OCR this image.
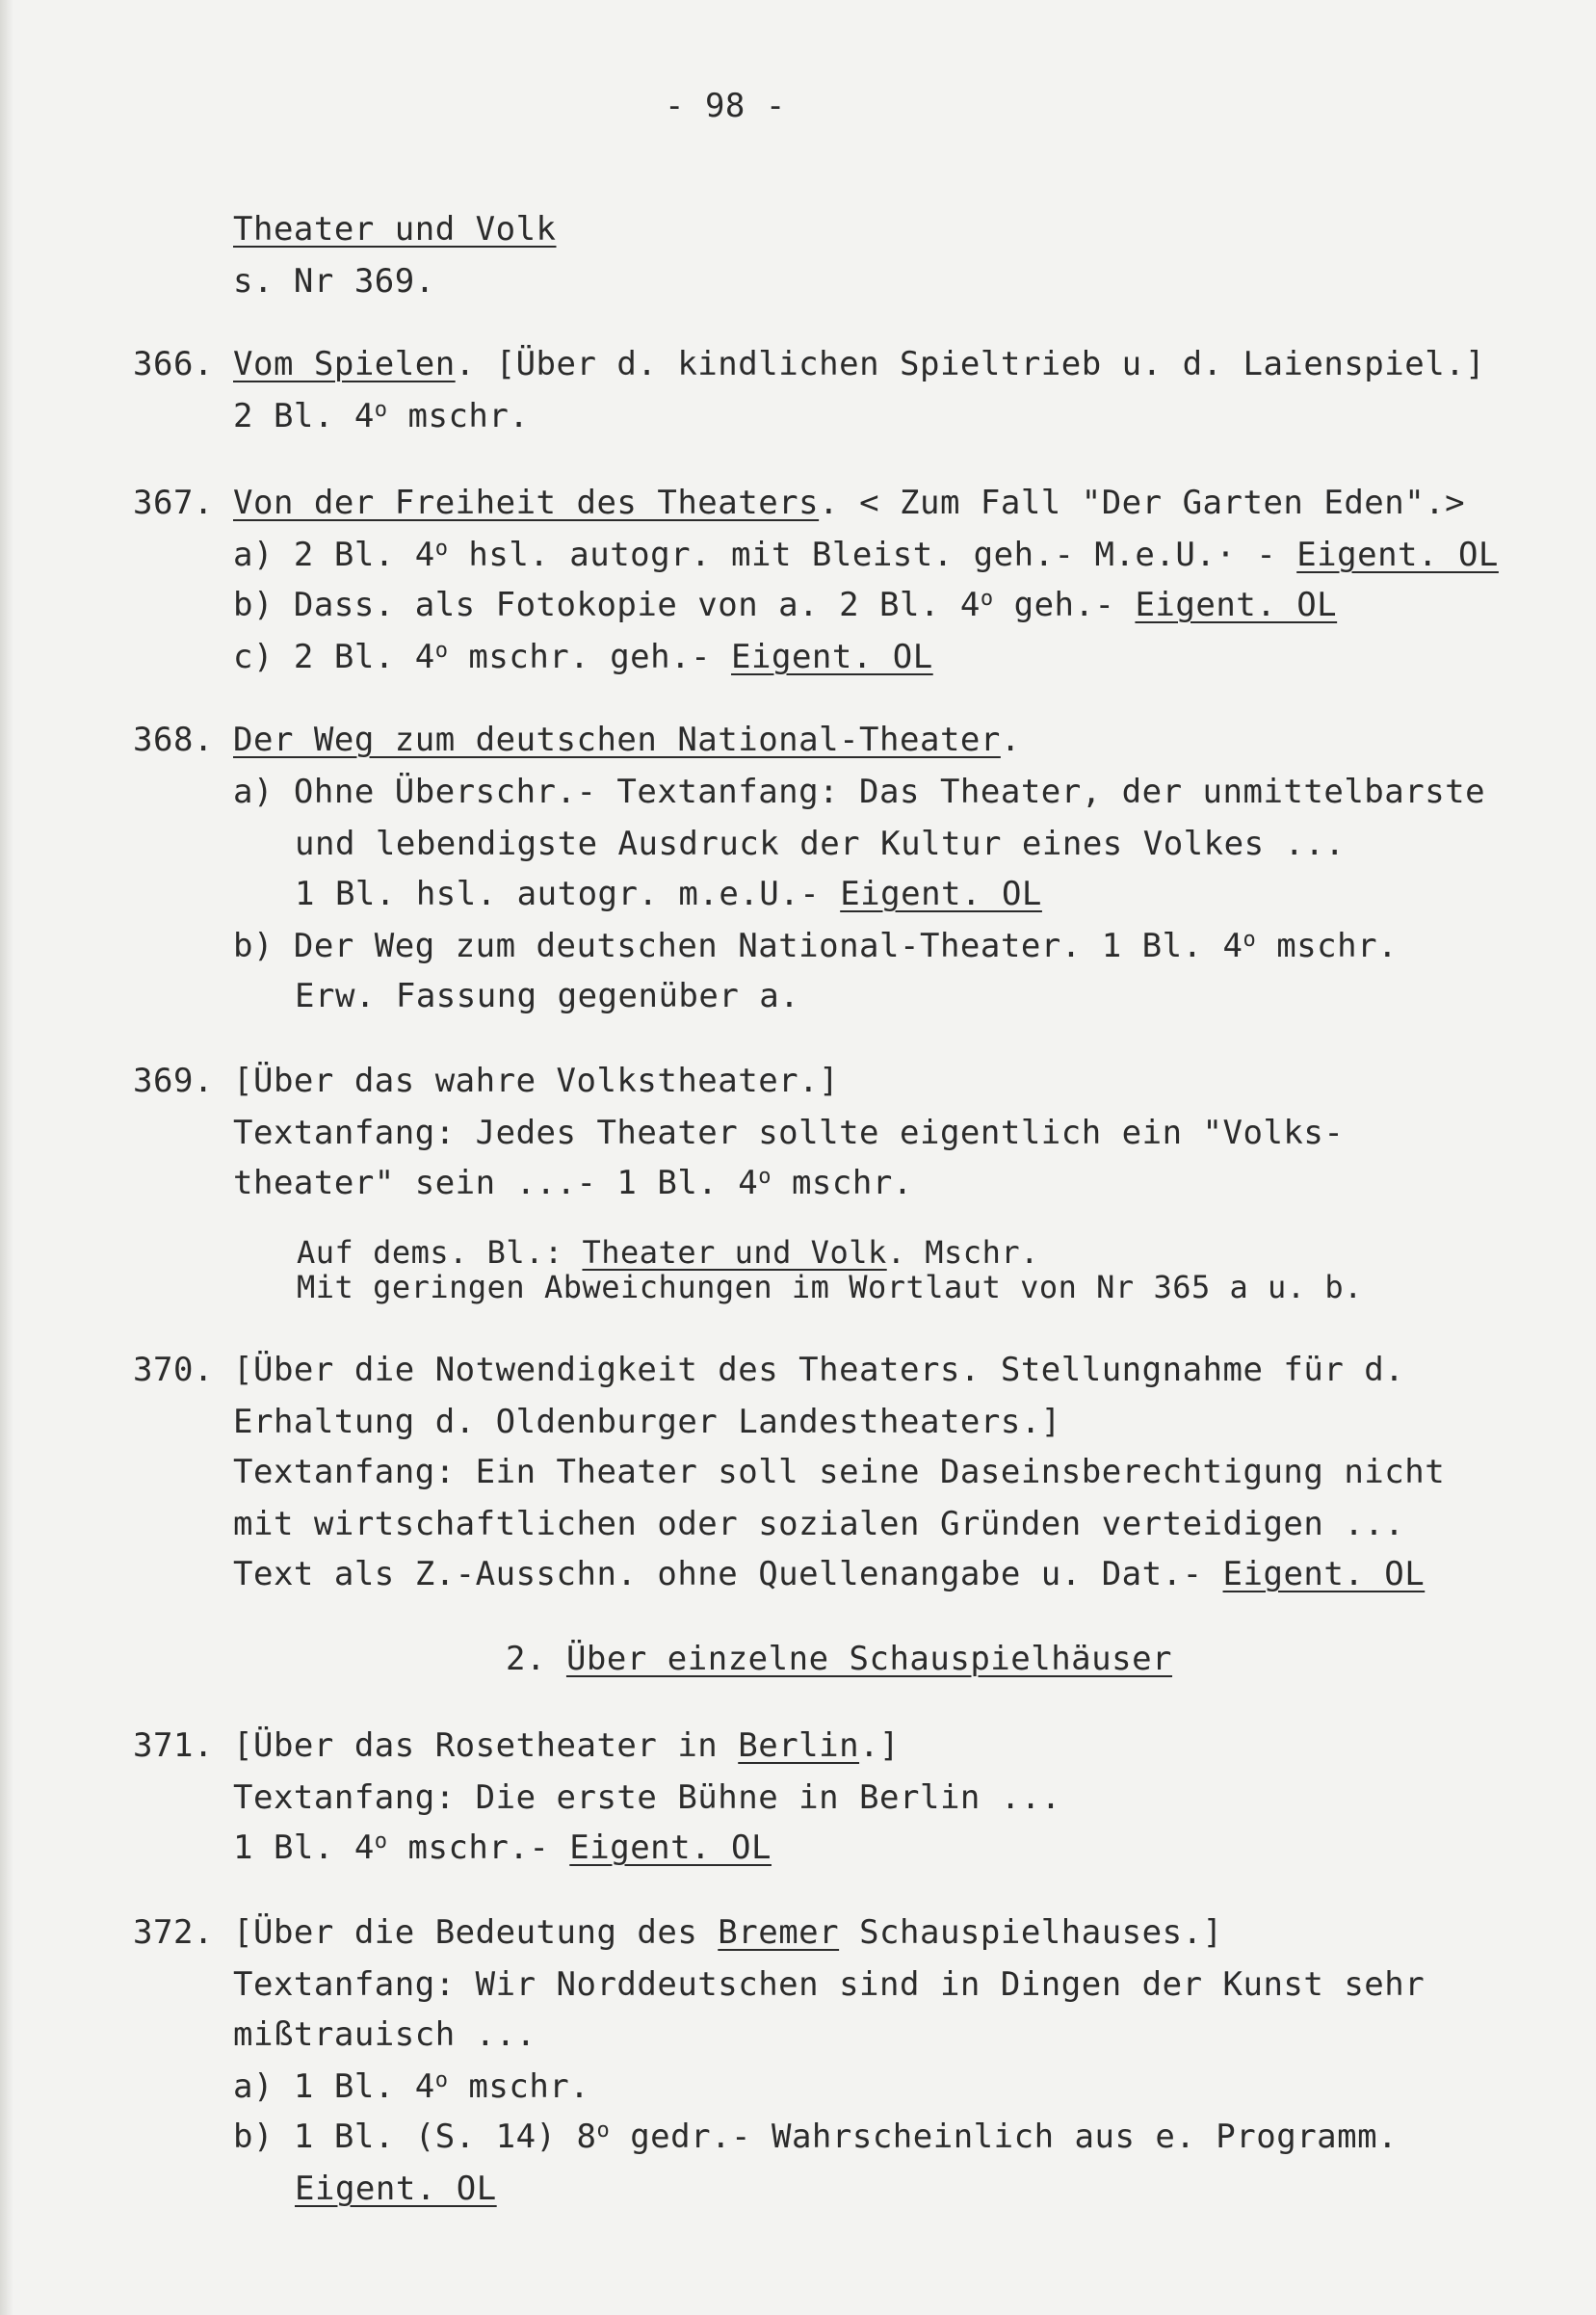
- 98 -
Theater und Volk
s. Nr 369.
366. Vom Spielen. [Über d. kindlichen Spieltrieb u. d. Laienspiel.]
2 Bl. 4$^o$ mschr.
367. Von der Freiheit des Theaters. < Zum Fall "Der Garten Eden".>
a) 2 Bl. 4$^o$ hsl. autogr. mit Bleist. geh.- M.e.U.· - Eigent. OL
b) Dass. als Fotokopie von a. 2 Bl. 4$^o$ geh.- Eigent. OL
c) 2 Bl. 4$^o$ mschr. geh.- Eigent. OL
368. Der Weg zum deutschen National-Theater.
a) Ohne Überschr.- Textanfang: Das Theater, der unmittelbarste
und lebendigste Ausdruck der Kultur eines Volkes ...
1 Bl. hsl. autogr. m.e.U.- Eigent. OL
b) Der Weg zum deutschen National-Theater. 1 Bl. 4$^o$ mschr.
Erw. Fassung gegenüber a.
369. [Über das wahre Volkstheater.]
Textanfang: Jedes Theater sollte eigentlich ein "Volks-
theater" sein ...- 1 Bl. 4$^o$ mschr.
Auf dems. Bl.: Theater und Volk. Mschr.
Mit geringen Abweichungen im Wortlaut von Nr 365 a u. b.
370. [Über die Notwendigkeit des Theaters. Stellungnahme für d.
Erhaltung d. Oldenburger Landestheaters.]
Textanfang: Ein Theater soll seine Daseinsberechtigung nicht
mit wirtschaftlichen oder sozialen Gründen verteidigen ...
Text als Z.-Ausschn. ohne Quellenangabe u. Dat.- Eigent. OL
2. Über einzelne Schauspielhäuser
371. [Über das Rosetheater in Berlin.]
Textanfang: Die erste Bühne in Berlin ...
1 Bl. 4$^o$ mschr.- Eigent. OL
372. [Über die Bedeutung des Bremer Schauspielhauses.]
Textanfang: Wir Norddeutschen sind in Dingen der Kunst sehr
mißtrauisch ...
a) 1 Bl. 4$^o$ mschr.
b) 1 Bl. (S. 14) 8$^o$ gedr.- Wahrscheinlich aus e. Programm.
Eigent. OL
